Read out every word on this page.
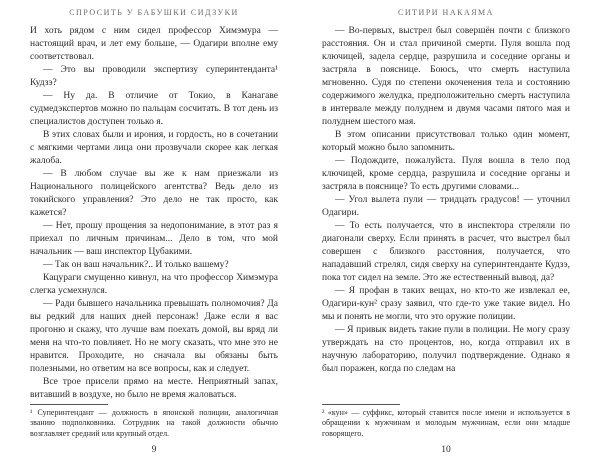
СПРОСИТЬ У БАБУШКИ СИДЗУКИ

И хоть рядом с ним сидел профессор Химэмура — настоящий врач, и лет ему больше, — Одагири вполне ему соответствовал.

— Это вы проводили экспертизу суперинтенданта¹ Кудзэ?

— Ну да. В отличие от Токио, в Канагаве судмедэкспертов можно по пальцам сосчитать. В тот день из специалистов доступен только я.

В этих словах были и ирония, и гордость, но в сочетании с мягкими чертами лица они прозвучали скорее как легкая жалоба.

— В любом случае вы же к нам приезжали из Национального полицейского агентства? Ведь дело из токийского управления? Это дело не так просто, как кажется?

— Нет, прошу прощения за недопонимание, в этот раз я приехал по личным причинам... Дело в том, что мой начальник — ваш инспектор Цубакими.

— Так он ваш начальник?.. И только вашему?

Кацураги смущенно кивнул, на что профессор Химэмура слегка усмехнулся.

— Ради бывшего начальника превышать полномочия? Да вы редкий для наших дней персонаж! Даже если я вас прогоню и скажу, что лучше вам поехать домой, вы вряд ли меня на что-то повлияет. Но не могу сказать, что мне это не нравится. Проходите, но сначала вы обязаны быть полезными, но ответим на все вопросы, как и следует.

Все трое присели прямо на месте. Неприятный запах, витавший в воздухе, но было не время жаловаться.

¹ Суперинтендант — должность в японской полиции, аналогичная званию подполковника. Сотрудник на такой должности обычно возглавляет средний или крупный отдел.
9
СИТИРИ НАКАЯМА

— Во-первых, выстрел был совершён почти с близкого расстояния. Он и стал причиной смерти. Пуля вошла под ключицей, задела сердце, разрушила и соседние органы и застряла в пояснице. Боюсь, что смерть наступила мгновенно. Судя по степени окоченения тела и состоянию содержимого желудка, предположительно смерть наступила в интервале между полуднем и двумя часами пятого мая и полуднем шестого мая.

В этом описании присутствовал только один момент, который можно было запомнить.

— Подождите, пожалуйста. Пуля вошла в тело под ключицей, кроме сердца, разрушила и соседние органы и застряла в пояснице? То есть другими словами...

— Угол вылета пули — тридцать градусов! — уточнил Одагири.

— То есть получается, что в инспектора стреляли по диагонали сверху. Если принять в расчет, что выстрел был совершен с близкого расстояния, получается, что нападавший стрелял, сидя сверху на суперинтенданте Кудзэ, пока тот сидел на земле. Это же естественный вывод, да?

— Я профан в таких вещах, но кто-то же извлекал ее, Одагири-кун² сразу заявил, что где-то уже такие видел. Но мы и понять не могли, что это оружие полиции.

— Я привык видеть такие пули в полиции. Не могу сразу утверждать на сто процентов, но, когда отправил их в научную лабораторию, получил подтверждение. Однако я был поражен, когда по следам на

² «кун» — суффикс, который ставится после имени и используется в обращении к мужчинам и молодым мужчинам, если они младше говорящего.
10
